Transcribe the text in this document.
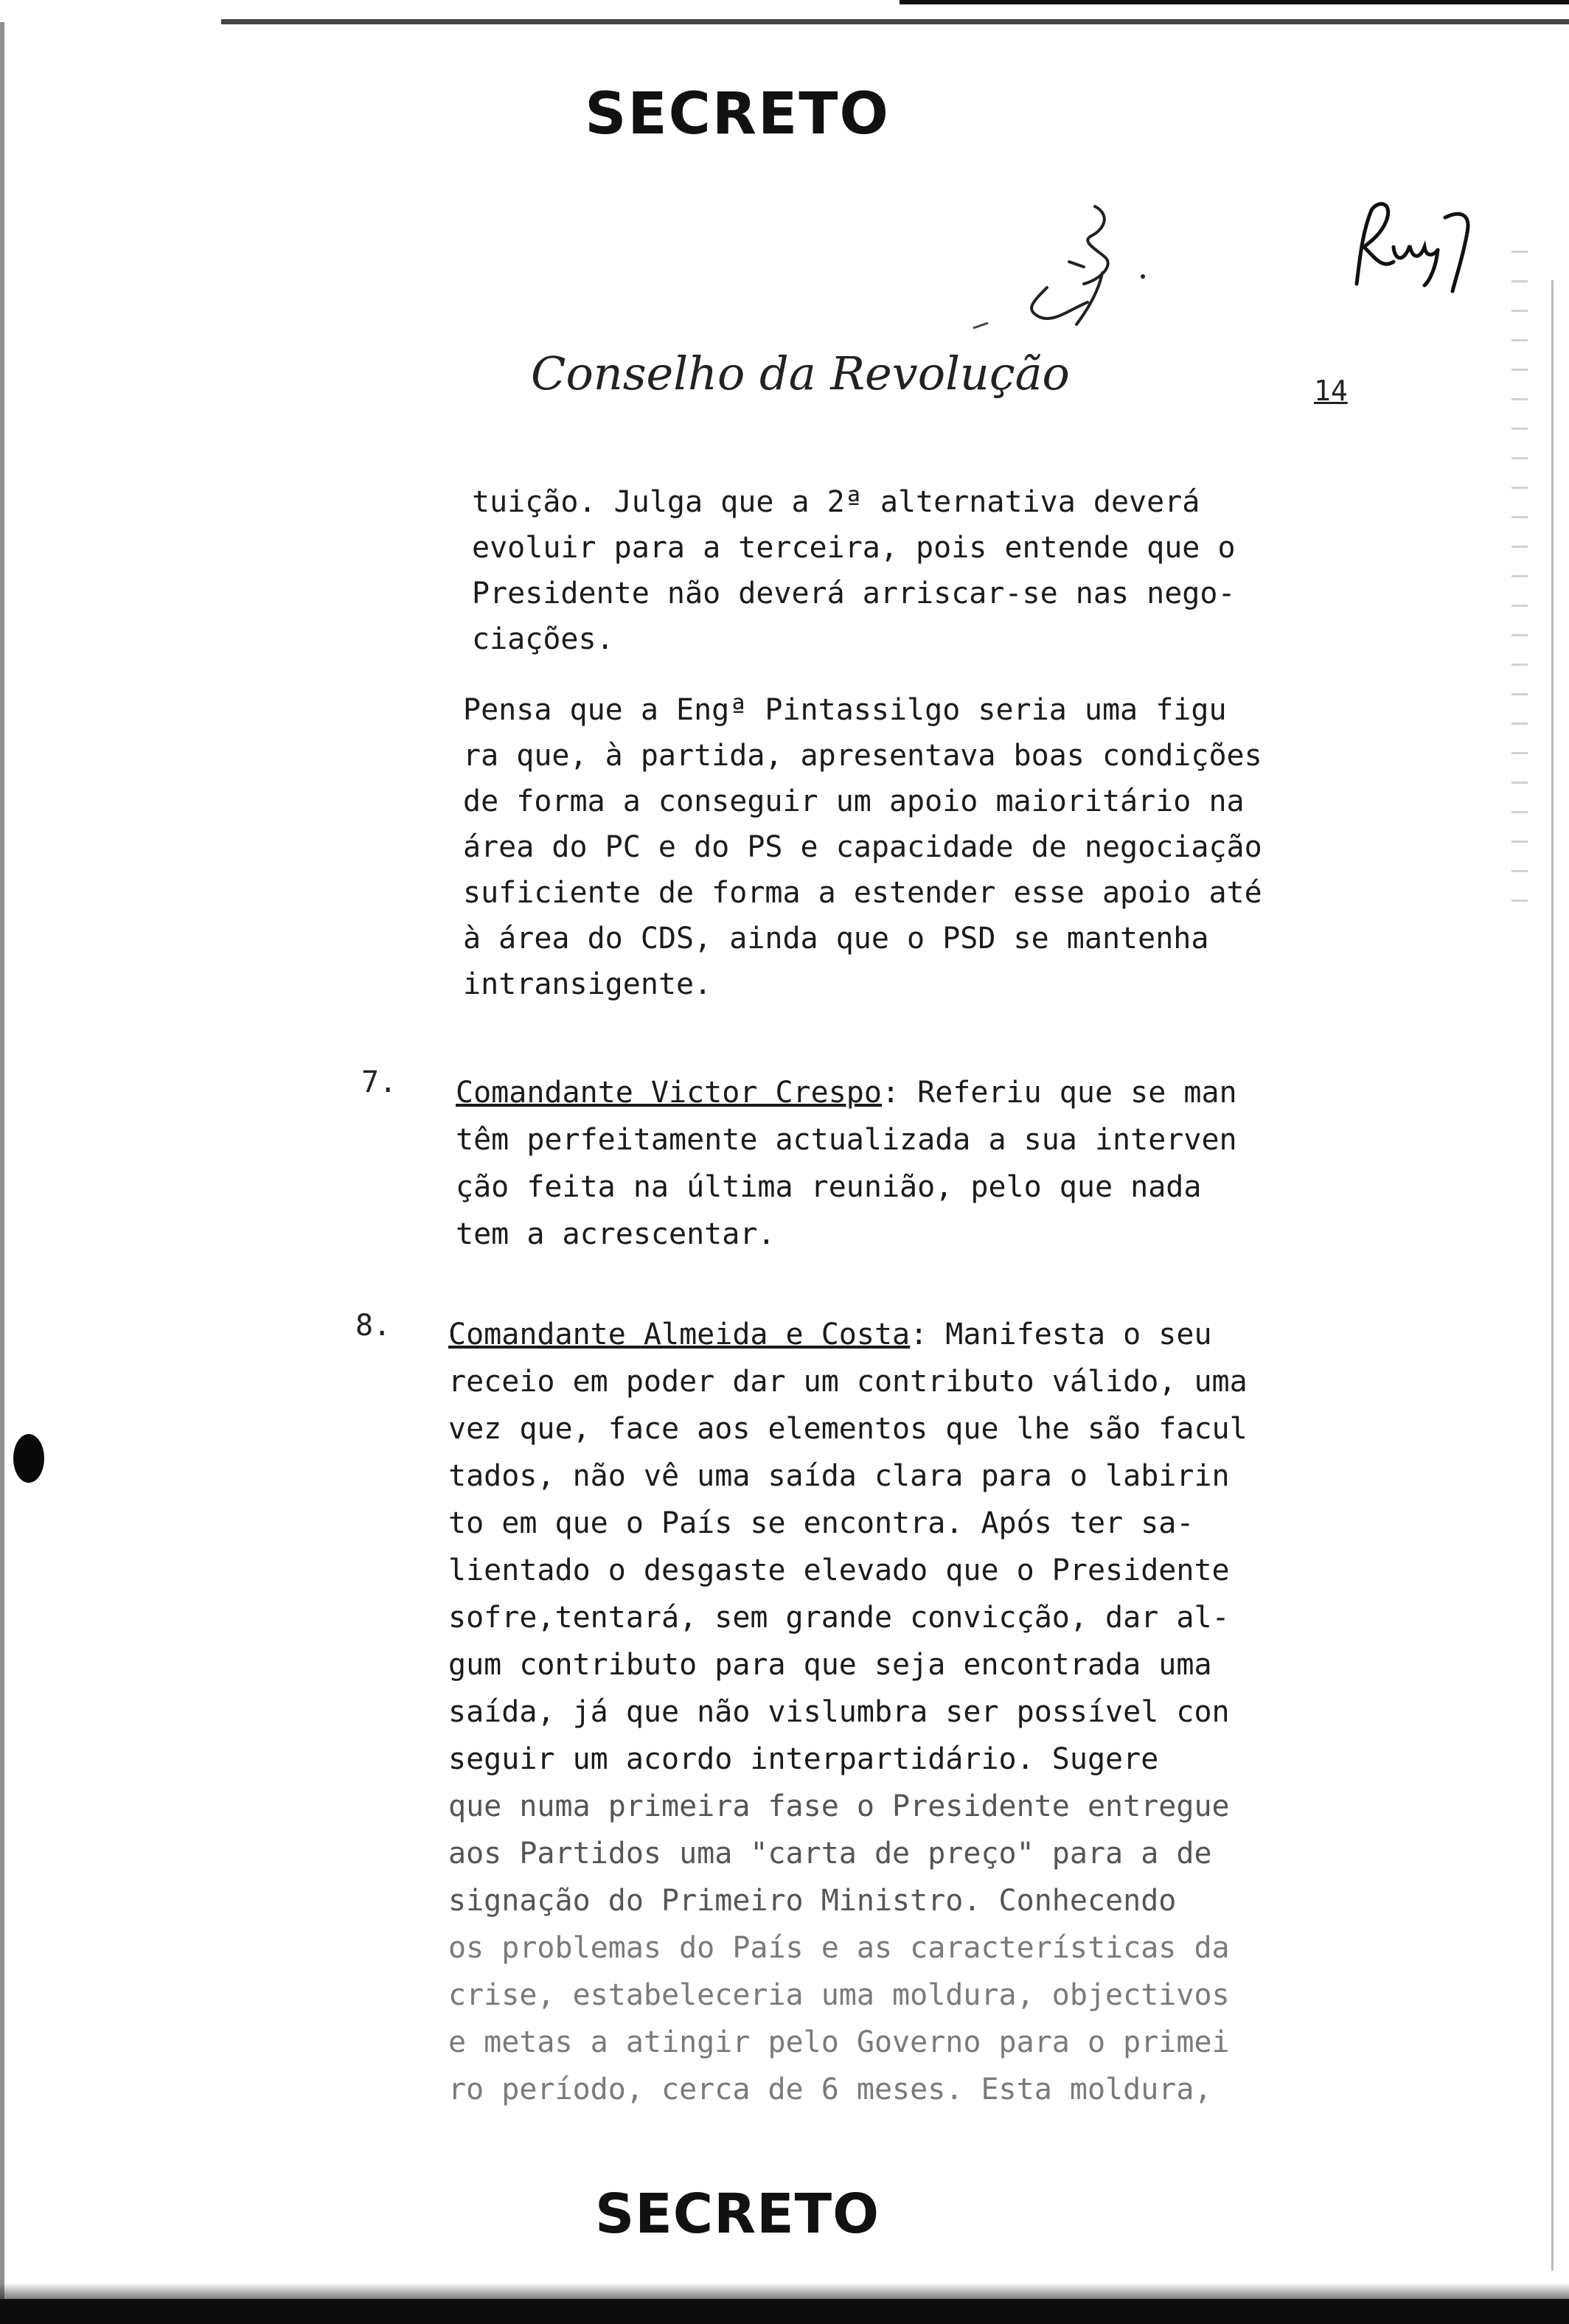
SECRETO
Conselho da Revolução	14

tuição. Julga que a 2ª alternativa deverá
evoluir para a terceira, pois entende que o
Presidente não deverá arriscar-se nas nego-
ciações.

Pensa que a Engª Pintassilgo seria uma figu
ra que, à partida, apresentava boas condições
de forma a conseguir um apoio maioritário na
área do PC e do PS e capacidade de negociação
suficiente de forma a estender esse apoio até
à área do CDS, ainda que o PSD se mantenha
intransigente.

7. Comandante Victor Crespo: Referiu que se man
têm perfeitamente actualizada a sua interven
ção feita na última reunião, pelo que nada
tem a acrescentar.

8. Comandante Almeida e Costa: Manifesta o seu
receio em poder dar um contributo válido, uma
vez que, face aos elementos que lhe são facul
tados, não vê uma saída clara para o labirin
to em que o País se encontra. Após ter sa-
lientado o desgaste elevado que o Presidente
sofre,tentará, sem grande convicção, dar al-
gum contributo para que seja encontrada uma
saída, já que não vislumbra ser possível con
seguir um acordo interpartidário. Sugere
que numa primeira fase o Presidente entregue
aos Partidos uma "carta de preço" para a de
signação do Primeiro Ministro. Conhecendo
os problemas do País e as características da
crise, estabeleceria uma moldura, objectivos
e metas a atingir pelo Governo para o primei
ro período, cerca de 6 meses. Esta moldura,

SECRETO
